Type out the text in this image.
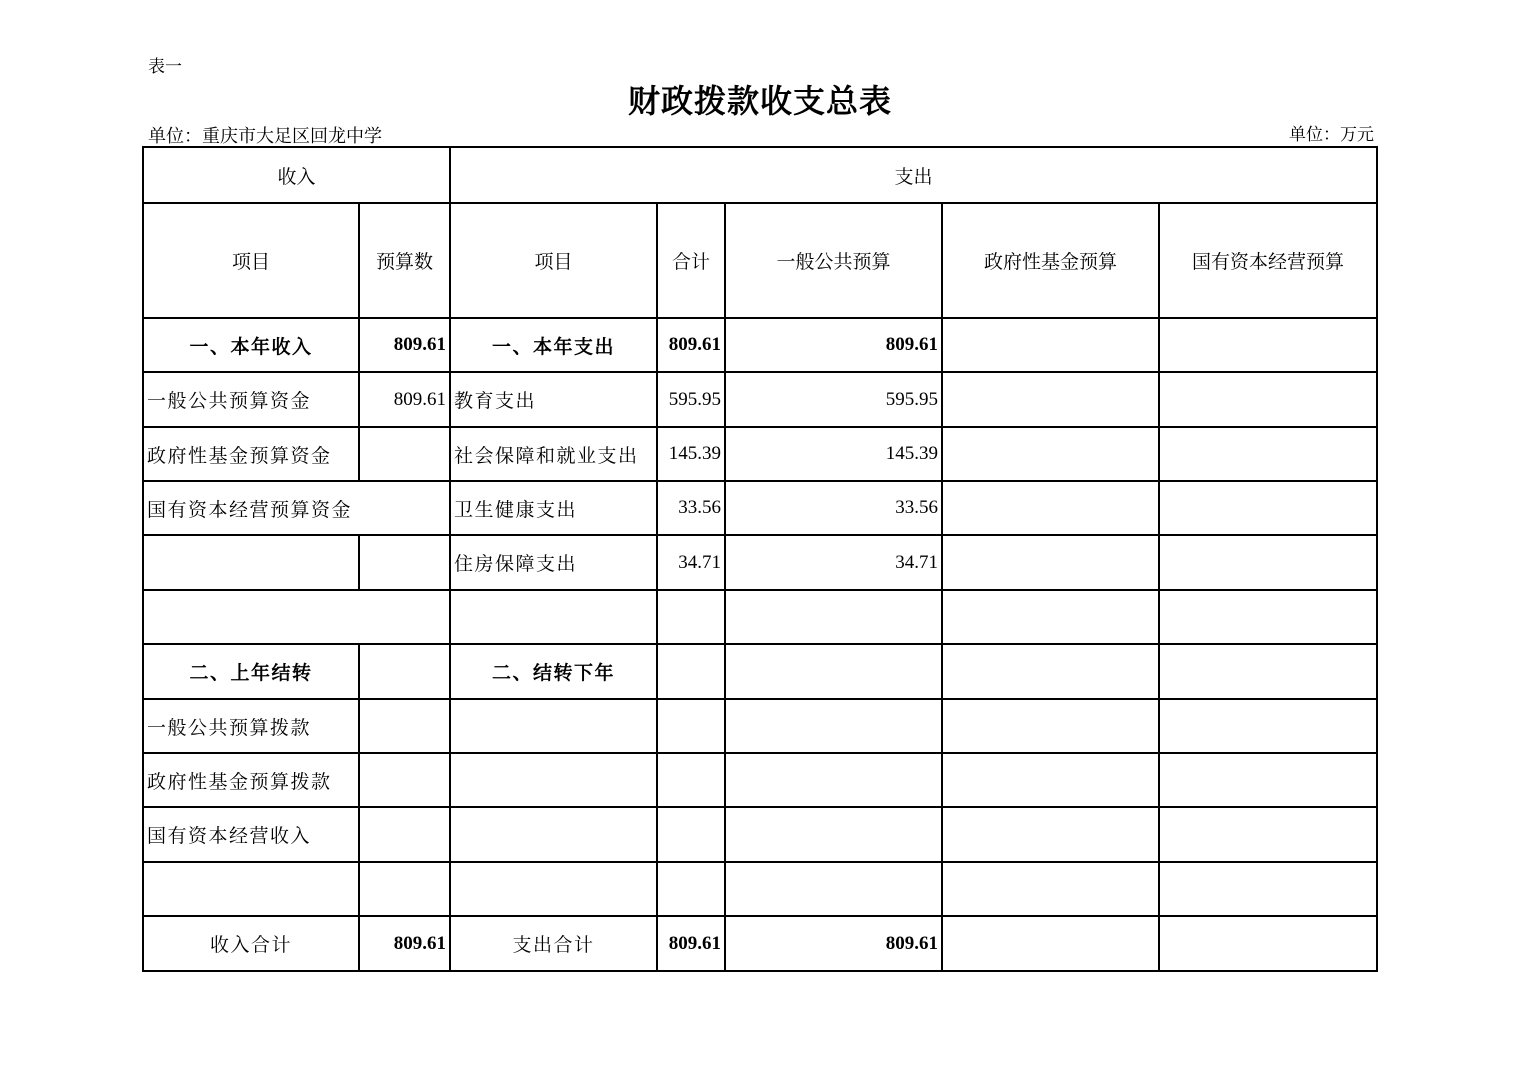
表一
财政拨款收支总表
单位：重庆市大足区回龙中学	单位：万元
收入		支出				
项目	预算数	项目	合计	一般公共预算	政府性基金预算	国有资本经营预算
一、本年收入	809.61	一、本年支出	809.61	809.61		
一般公共预算资金	809.61	教育支出	595.95	595.95		
政府性基金预算资金		社会保障和就业支出	145.39	145.39		
国有资本经营预算资金		卫生健康支出	33.56	33.56		
		住房保障支出	34.71	34.71		

二、上年结转		二、结转下年				
一般公共预算拨款						
政府性基金预算拨款						
国有资本经营收入						

收入合计	809.61	支出合计	809.61	809.61		
